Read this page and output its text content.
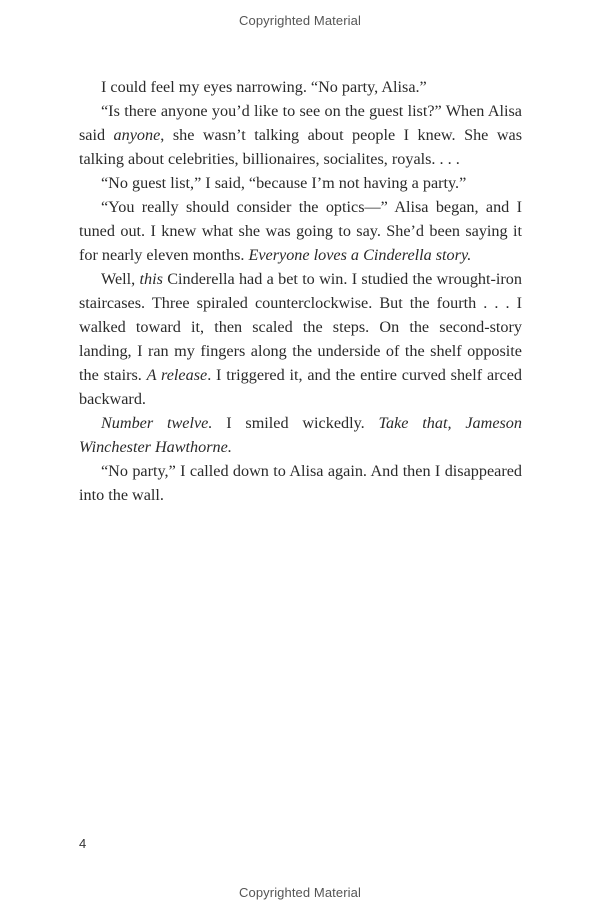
Copyrighted Material

I could feel my eyes narrowing. “No party, Alisa.”

“Is there anyone you’d like to see on the guest list?” When Alisa said anyone, she wasn’t talking about people I knew. She was talking about celebrities, billionaires, socialites, royals. . . .

“No guest list,” I said, “because I’m not having a party.”

“You really should consider the optics—” Alisa began, and I tuned out. I knew what she was going to say. She’d been saying it for nearly eleven months. Everyone loves a Cinderella story.

Well, this Cinderella had a bet to win. I studied the wrought-iron staircases. Three spiraled counterclockwise. But the fourth . . . I walked toward it, then scaled the steps. On the second-story landing, I ran my fingers along the underside of the shelf opposite the stairs. A release. I triggered it, and the entire curved shelf arced backward.

Number twelve. I smiled wickedly. Take that, Jameson Winchester Hawthorne.

“No party,” I called down to Alisa again. And then I disappeared into the wall.

4
Copyrighted Material
